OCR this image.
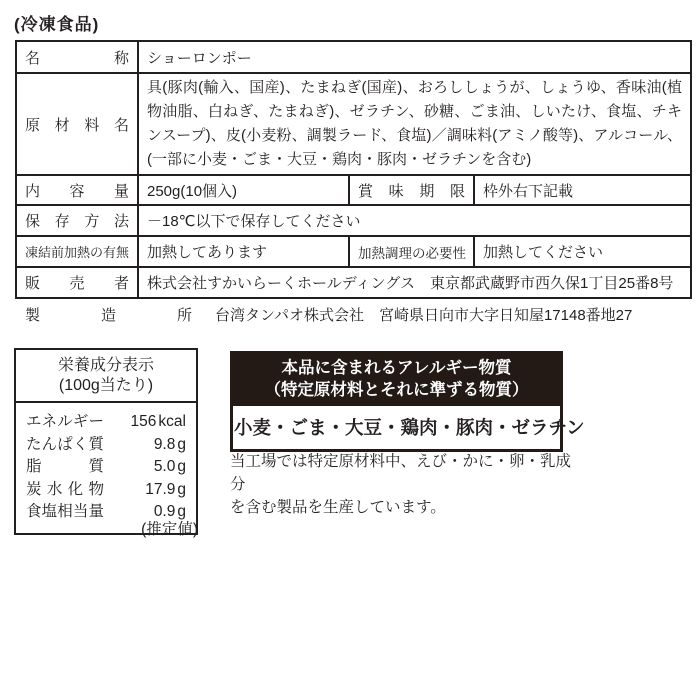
(冷凍食品)
名 称	ショーロンポー		

原 材 料 名	具(豚肉(輸入、国産)、たまねぎ(国産)、おろししょうが、しょうゆ、香味油(植物油脂、白ねぎ、たまねぎ)、ゼラチン、砂糖、ごま油、しいたけ、食塩、チキンスープ)、皮(小麦粉、調製ラード、食塩)／調味料(アミノ酸等)、アルコール、(一部に小麦・ごま・大豆・鶏肉・豚肉・ゼラチンを含む)		

内 容 量	250g(10個入)	賞 味 期 限	枠外右下記載

保 存 方 法	－18℃以下で保存してください		
凍結前加熱の有無	加熱してあります	加熱調理の必要性	加熱してください

販 売 者	株式会社すかいらーくホールディングス　東京都武蔵野市西久保1丁目25番8号		
製	造	所 台湾タンパオ株式会社　宮崎県日向市大字日知屋17148番地27
栄養成分表示
(100g当たり)
エ ネ ル ギ ー	156 kcal
た ん ぱ く 質	9.8 g
脂	質	5.0 g
炭 水 化 物	17.9 g
食 塩 相 当 量	0.9 g
(推定値)
本品に含まれるアレルギー物質
（特定原材料とそれに準ずる物質）
小麦・ごま・大豆・鶏肉・豚肉・ゼラチン
当工場では特定原材料中、えび・かに・卵・乳成分
を含む製品を生産しています。
